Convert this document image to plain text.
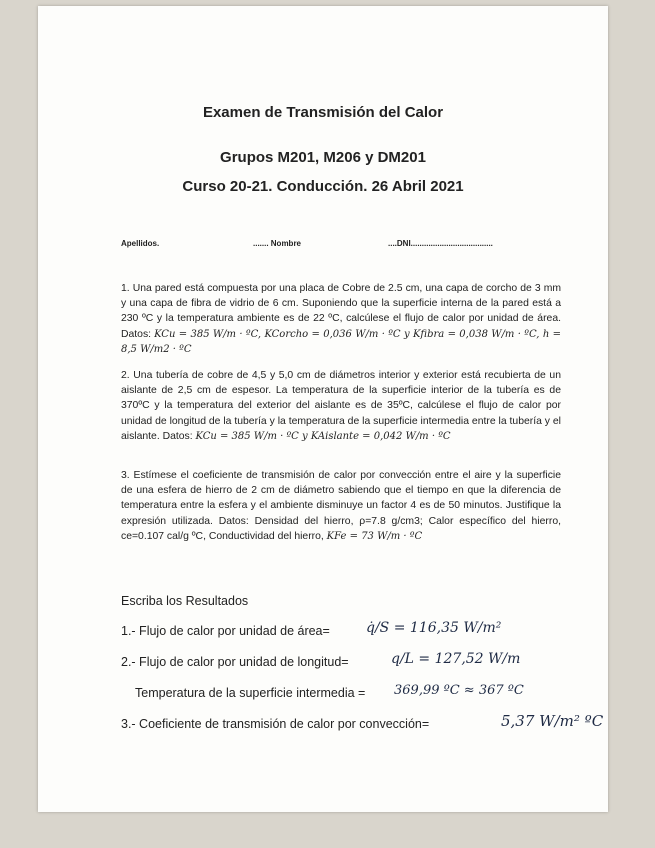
Examen de Transmisión del Calor
Grupos M201, M206 y DM201
Curso 20-21. Conducción. 26 Abril 2021
Apellidos.	....... Nombre	....DNI.....................................
1. Una pared está compuesta por una placa de Cobre de 2.5 cm, una capa de corcho de 3 mm y una capa de fibra de vidrio de 6 cm. Suponiendo que la superficie interna de la pared está a 230 ºC y la temperatura ambiente es de 22 ºC, calcúlese el flujo de calor por unidad de área. Datos: KCu = 385 W/m · ºC, KCorcho = 0,036 W/m · ºC y Kfibra = 0,038 W/m · ºC, h = 8,5 W/m2 · ºC
2. Una tubería de cobre de 4,5 y 5,0 cm de diámetros interior y exterior está recubierta de un aislante de 2,5 cm de espesor. La temperatura de la superficie interior de la tubería es de 370ºC y la temperatura del exterior del aislante es de 35ºC, calcúlese el flujo de calor por unidad de longitud de la tubería y la temperatura de la superficie intermedia entre la tubería y el aislante. Datos: KCu = 385 W/m · ºC y KAislante = 0,042 W/m · ºC
3. Estímese el coeficiente de transmisión de calor por convección entre el aire y la superficie de una esfera de hierro de 2 cm de diámetro sabiendo que el tiempo en que la diferencia de temperatura entre la esfera y el ambiente disminuye un factor 4 es de 50 minutos. Justifique la expresión utilizada. Datos: Densidad del hierro, ρ=7.8 g/cm3; Calor específico del hierro, ce=0.107 cal/g ºC, Conductividad del hierro, KFe = 73 W/m · ºC
Escriba los Resultados
1.- Flujo de calor por unidad de área=	q̇/S = 116,35 W/m²
2.- Flujo de calor por unidad de longitud=	q/L = 127,52 W/m
Temperatura de la superficie intermedia = 369,99 ºC ≈ 367 ºC
3.- Coeficiente de transmisión de calor por convección=	5,37 W/m² ºC
